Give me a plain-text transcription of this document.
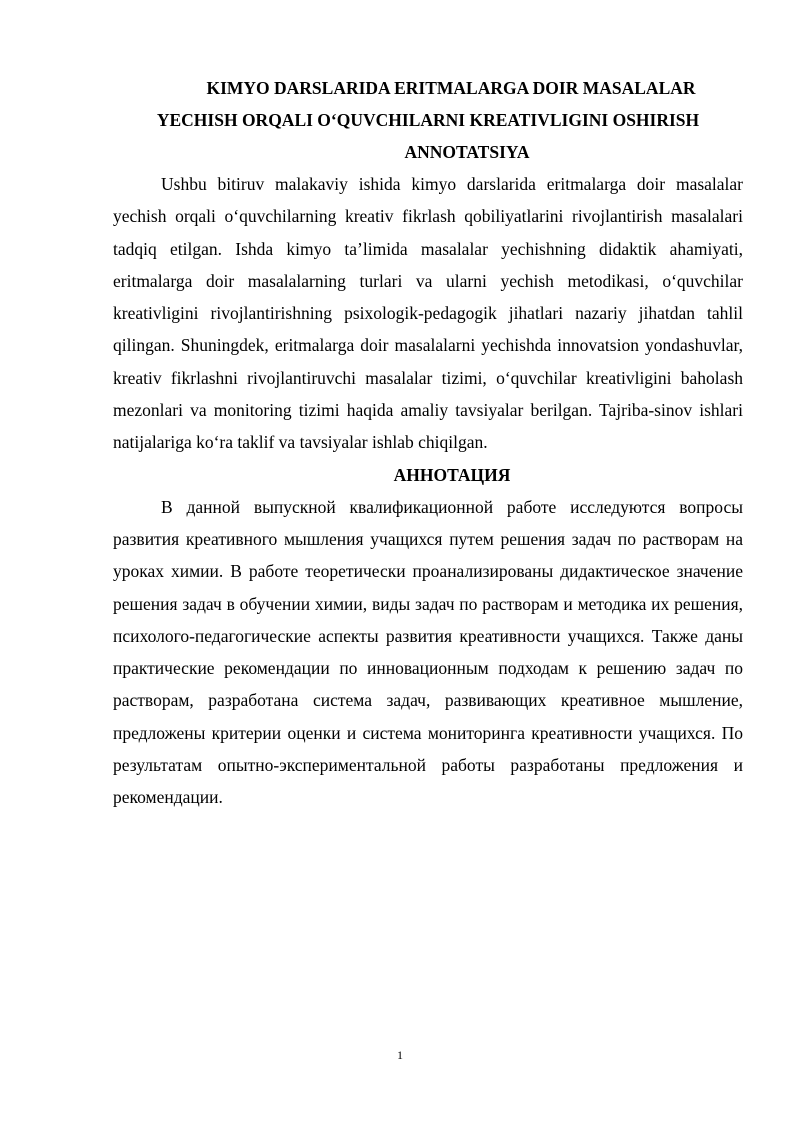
KIMYO DARSLARIDA ERITMALARGA DOIR MASALALAR

YECHISH ORQALI O‘QUVCHILARNI KREATIVLIGINI OSHIRISH

ANNOTATSIYA

Ushbu bitiruv malakaviy ishida kimyo darslarida eritmalarga doir masalalar yechish orqali o‘quvchilarning kreativ fikrlash qobiliyatlarini rivojlantirish masalalari tadqiq etilgan. Ishda kimyo ta’limida masalalar yechishning didaktik ahamiyati, eritmalarga doir masalalarning turlari va ularni yechish metodikasi, o‘quvchilar kreativligini rivojlantirishning psixologik-pedagogik jihatlari nazariy jihatdan tahlil qilingan. Shuningdek, eritmalarga doir masalalarni yechishda innovatsion yondashuvlar, kreativ fikrlashni rivojlantiruvchi masalalar tizimi, o‘quvchilar kreativligini baholash mezonlari va monitoring tizimi haqida amaliy tavsiyalar berilgan. Tajriba-sinov ishlari natijalariga ko‘ra taklif va tavsiyalar ishlab chiqilgan.

АННОТАЦИЯ

В данной выпускной квалификационной работе исследуются вопросы развития креативного мышления учащихся путем решения задач по растворам на уроках химии. В работе теоретически проанализированы дидактическое значение решения задач в обучении химии, виды задач по растворам и методика их решения, психолого-педагогические аспекты развития креативности учащихся. Также даны практические рекомендации по инновационным подходам к решению задач по растворам, разработана система задач, развивающих креативное мышление, предложены критерии оценки и система мониторинга креативности учащихся. По результатам опытно-экспериментальной работы разработаны предложения и рекомендации.

1
